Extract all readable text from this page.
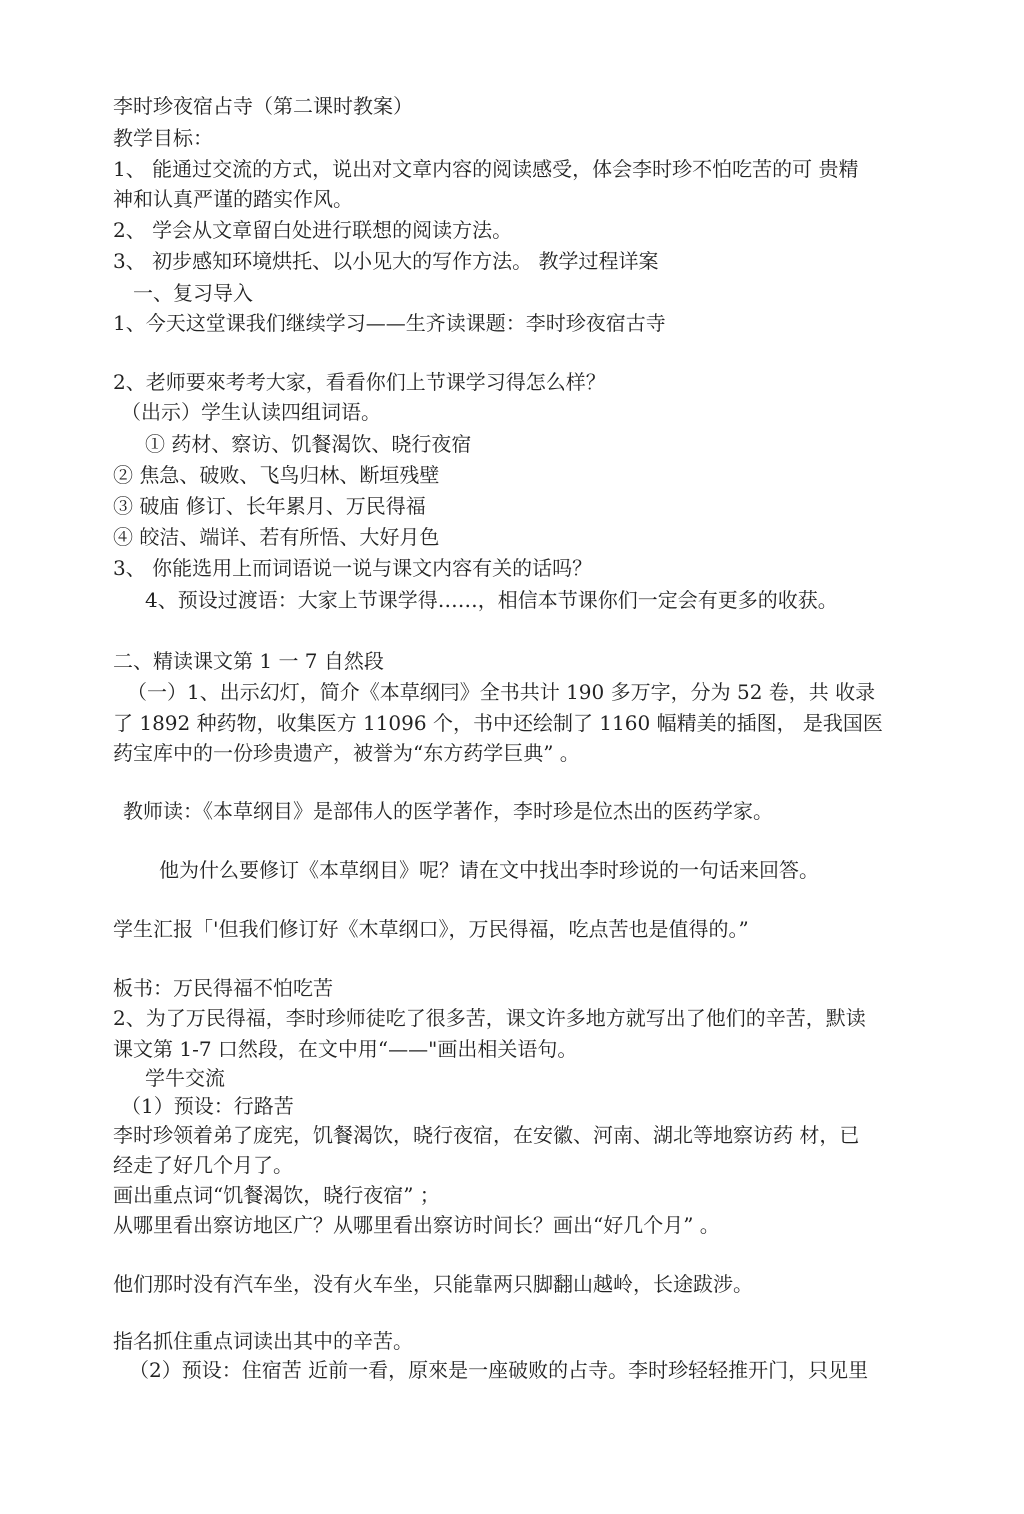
李时珍夜宿占寺（第二课时教案）
教学目标：
1、 能通过交流的方式，说出对文章内容的阅读感受，体会李时珍不怕吃苦的可 贵精
神和认真严谨的踏实作风。
2、 学会从文章留白处进行联想的阅读方法。
3、 初步感知环境烘托、以小见大的写作方法。 教学过程详案
一、复习导入
1、今天这堂课我们继续学习——生齐读课题：李时珍夜宿古寺
2、老师要來考考大家，看看你们上节课学习得怎么样？
（出示）学生认读四组词语。
① 药材、察访、饥餐渴饮、晓行夜宿
② 焦急、破败、飞鸟归林、断垣残壁
③ 破庙 修订、长年累月、万民得福
④ 皎洁、端详、若有所悟、大好月色
3、 你能选用上而词语说一说与课文内容有关的话吗？
4、预设过渡语：大家上节课学得……，相信本节课你们一定会有更多的收获。
二、精读课文第 1 一 7 自然段
（一）1、出示幻灯，简介《本草纲冃》全书共计 190 多万字，分为 52 卷，共 收录
了 1892 种药物，收集医方 11096 个，书中还绘制了 1160 幅精美的插图， 是我国医
药宝库中的一份珍贵遗产，被誉为“东方药学巨典” 。
教师读：《本草纲目》是部伟人的医学著作，李时珍是位杰出的医药学家。
他为什么要修订《本草纲目》呢？请在文中找出李时珍说的一句话来回答。
学生汇报「'但我们修订好《木草纲口》，万民得福，吃点苦也是值得的。”
板书：万民得福不怕吃苦
2、为了万民得福，李时珍师徒吃了很多苦，课文许多地方就写出了他们的辛苦，默读
课文第 1-7 口然段，在文中用“——"画出相关语句。
学牛交流
（1）预设：行路苦
李时珍领着弟了庞宪，饥餐渴饮，晓行夜宿，在安徽、河南、湖北等地察访药 材，已
经走了好几个月了。
画出重点词“饥餐渴饮，晓行夜宿” ；
从哪里看出察访地区广？从哪里看出察访时间长？画出“好几个月” 。
他们那时没有汽车坐，没有火车坐，只能靠两只脚翻山越岭，长途跋涉。
指名抓住重点词读出其中的辛苦。
（2）预设：住宿苦 近前一看，原來是一座破败的占寺。李时珍轻轻推开门，只见里
